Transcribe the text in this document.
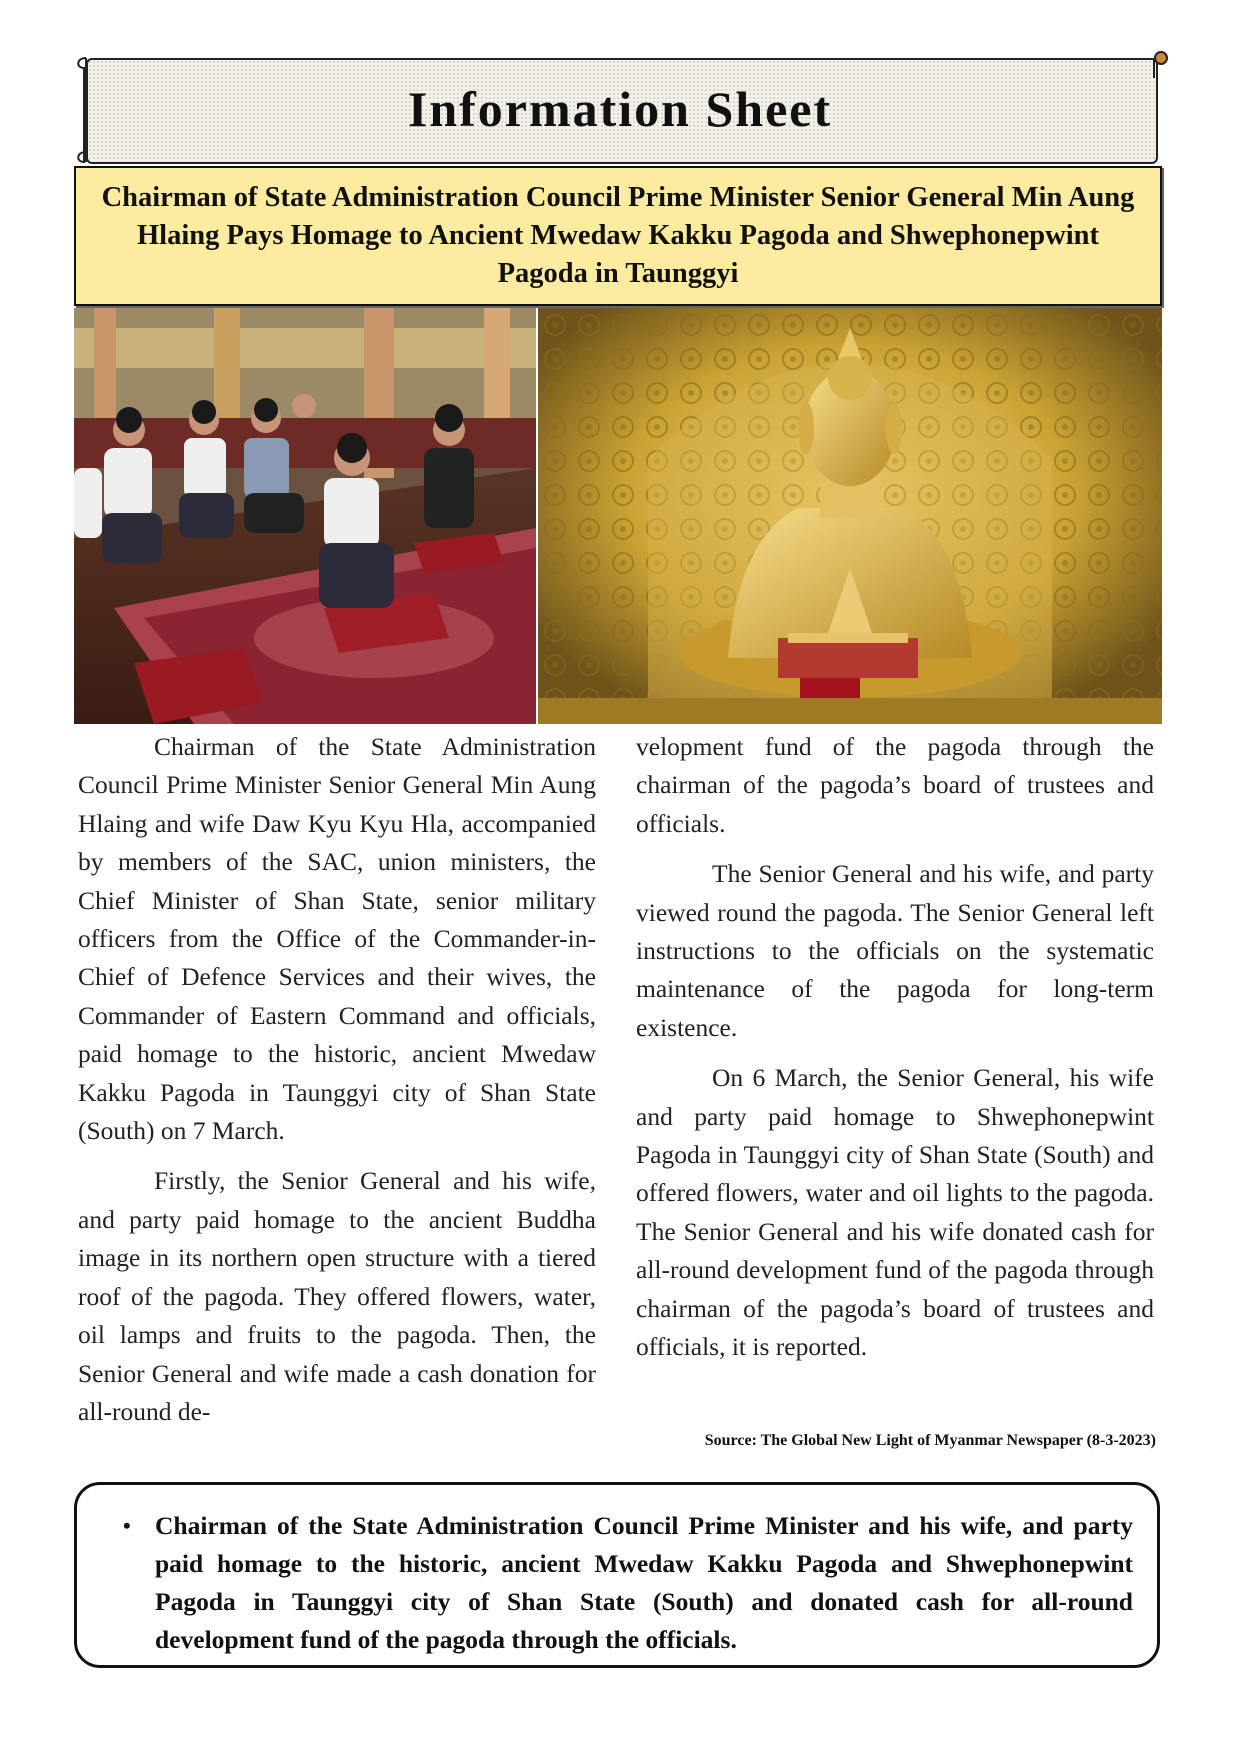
Information Sheet

Chairman of State Administration Council Prime Minister Senior General Min Aung Hlaing Pays Homage to Ancient Mwedaw Kakku Pagoda and Shwephonepwint Pagoda in Taunggyi

Chairman of the State Administration Council Prime Minister Senior General Min Aung Hlaing and wife Daw Kyu Kyu Hla, accompanied by members of the SAC, union ministers, the Chief Minister of Shan State, senior military officers from the Office of the Commander-in-Chief of Defence Services and their wives, the Commander of Eastern Command and officials, paid homage to the historic, ancient Mwedaw Kakku Pagoda in Taunggyi city of Shan State (South) on 7 March.

Firstly, the Senior General and his wife, and party paid homage to the ancient Buddha image in its northern open structure with a tiered roof of the pagoda. They offered flowers, water, oil lamps and fruits to the pagoda. Then, the Senior General and wife made a cash donation for all-round de-

velopment fund of the pagoda through the chairman of the pagoda’s board of trustees and officials.

The Senior General and his wife, and party viewed round the pagoda. The Senior General left instructions to the officials on the systematic maintenance of the pagoda for long-term existence.

On 6 March, the Senior General, his wife and party paid homage to Shwephonepwint Pagoda in Taunggyi city of Shan State (South) and offered flowers, water and oil lights to the pagoda. The Senior General and his wife donated cash for all-round development fund of the pagoda through chairman of the pagoda’s board of trustees and officials, it is reported.

Source: The Global New Light of Myanmar Newspaper (8-3-2023)
• Chairman of the State Administration Council Prime Minister and his wife, and party paid homage to the historic, ancient Mwedaw Kakku Pagoda and Shwephonepwint Pagoda in Taunggyi city of Shan State (South) and donated cash for all-round development fund of the pagoda through the officials.
